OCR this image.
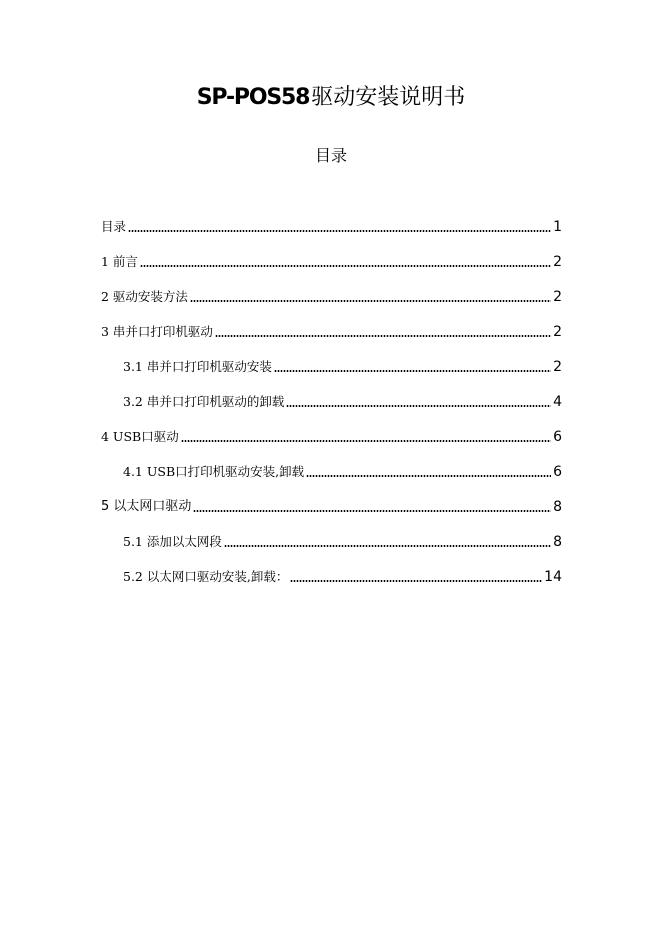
SP-POS58驱动安装说明书
目录
目录	1
1 前言	2
2 驱动安装方法	2
3 串并口打印机驱动	2
3.1 串并口打印机驱动安装	2
3.2 串并口打印机驱动的卸载	4
4 USB口驱动	6
4.1 USB口打印机驱动安装,卸载	6
5 以太网口驱动	8
5.1 添加以太网段	8
5.2 以太网口驱动安装,卸载：	14
